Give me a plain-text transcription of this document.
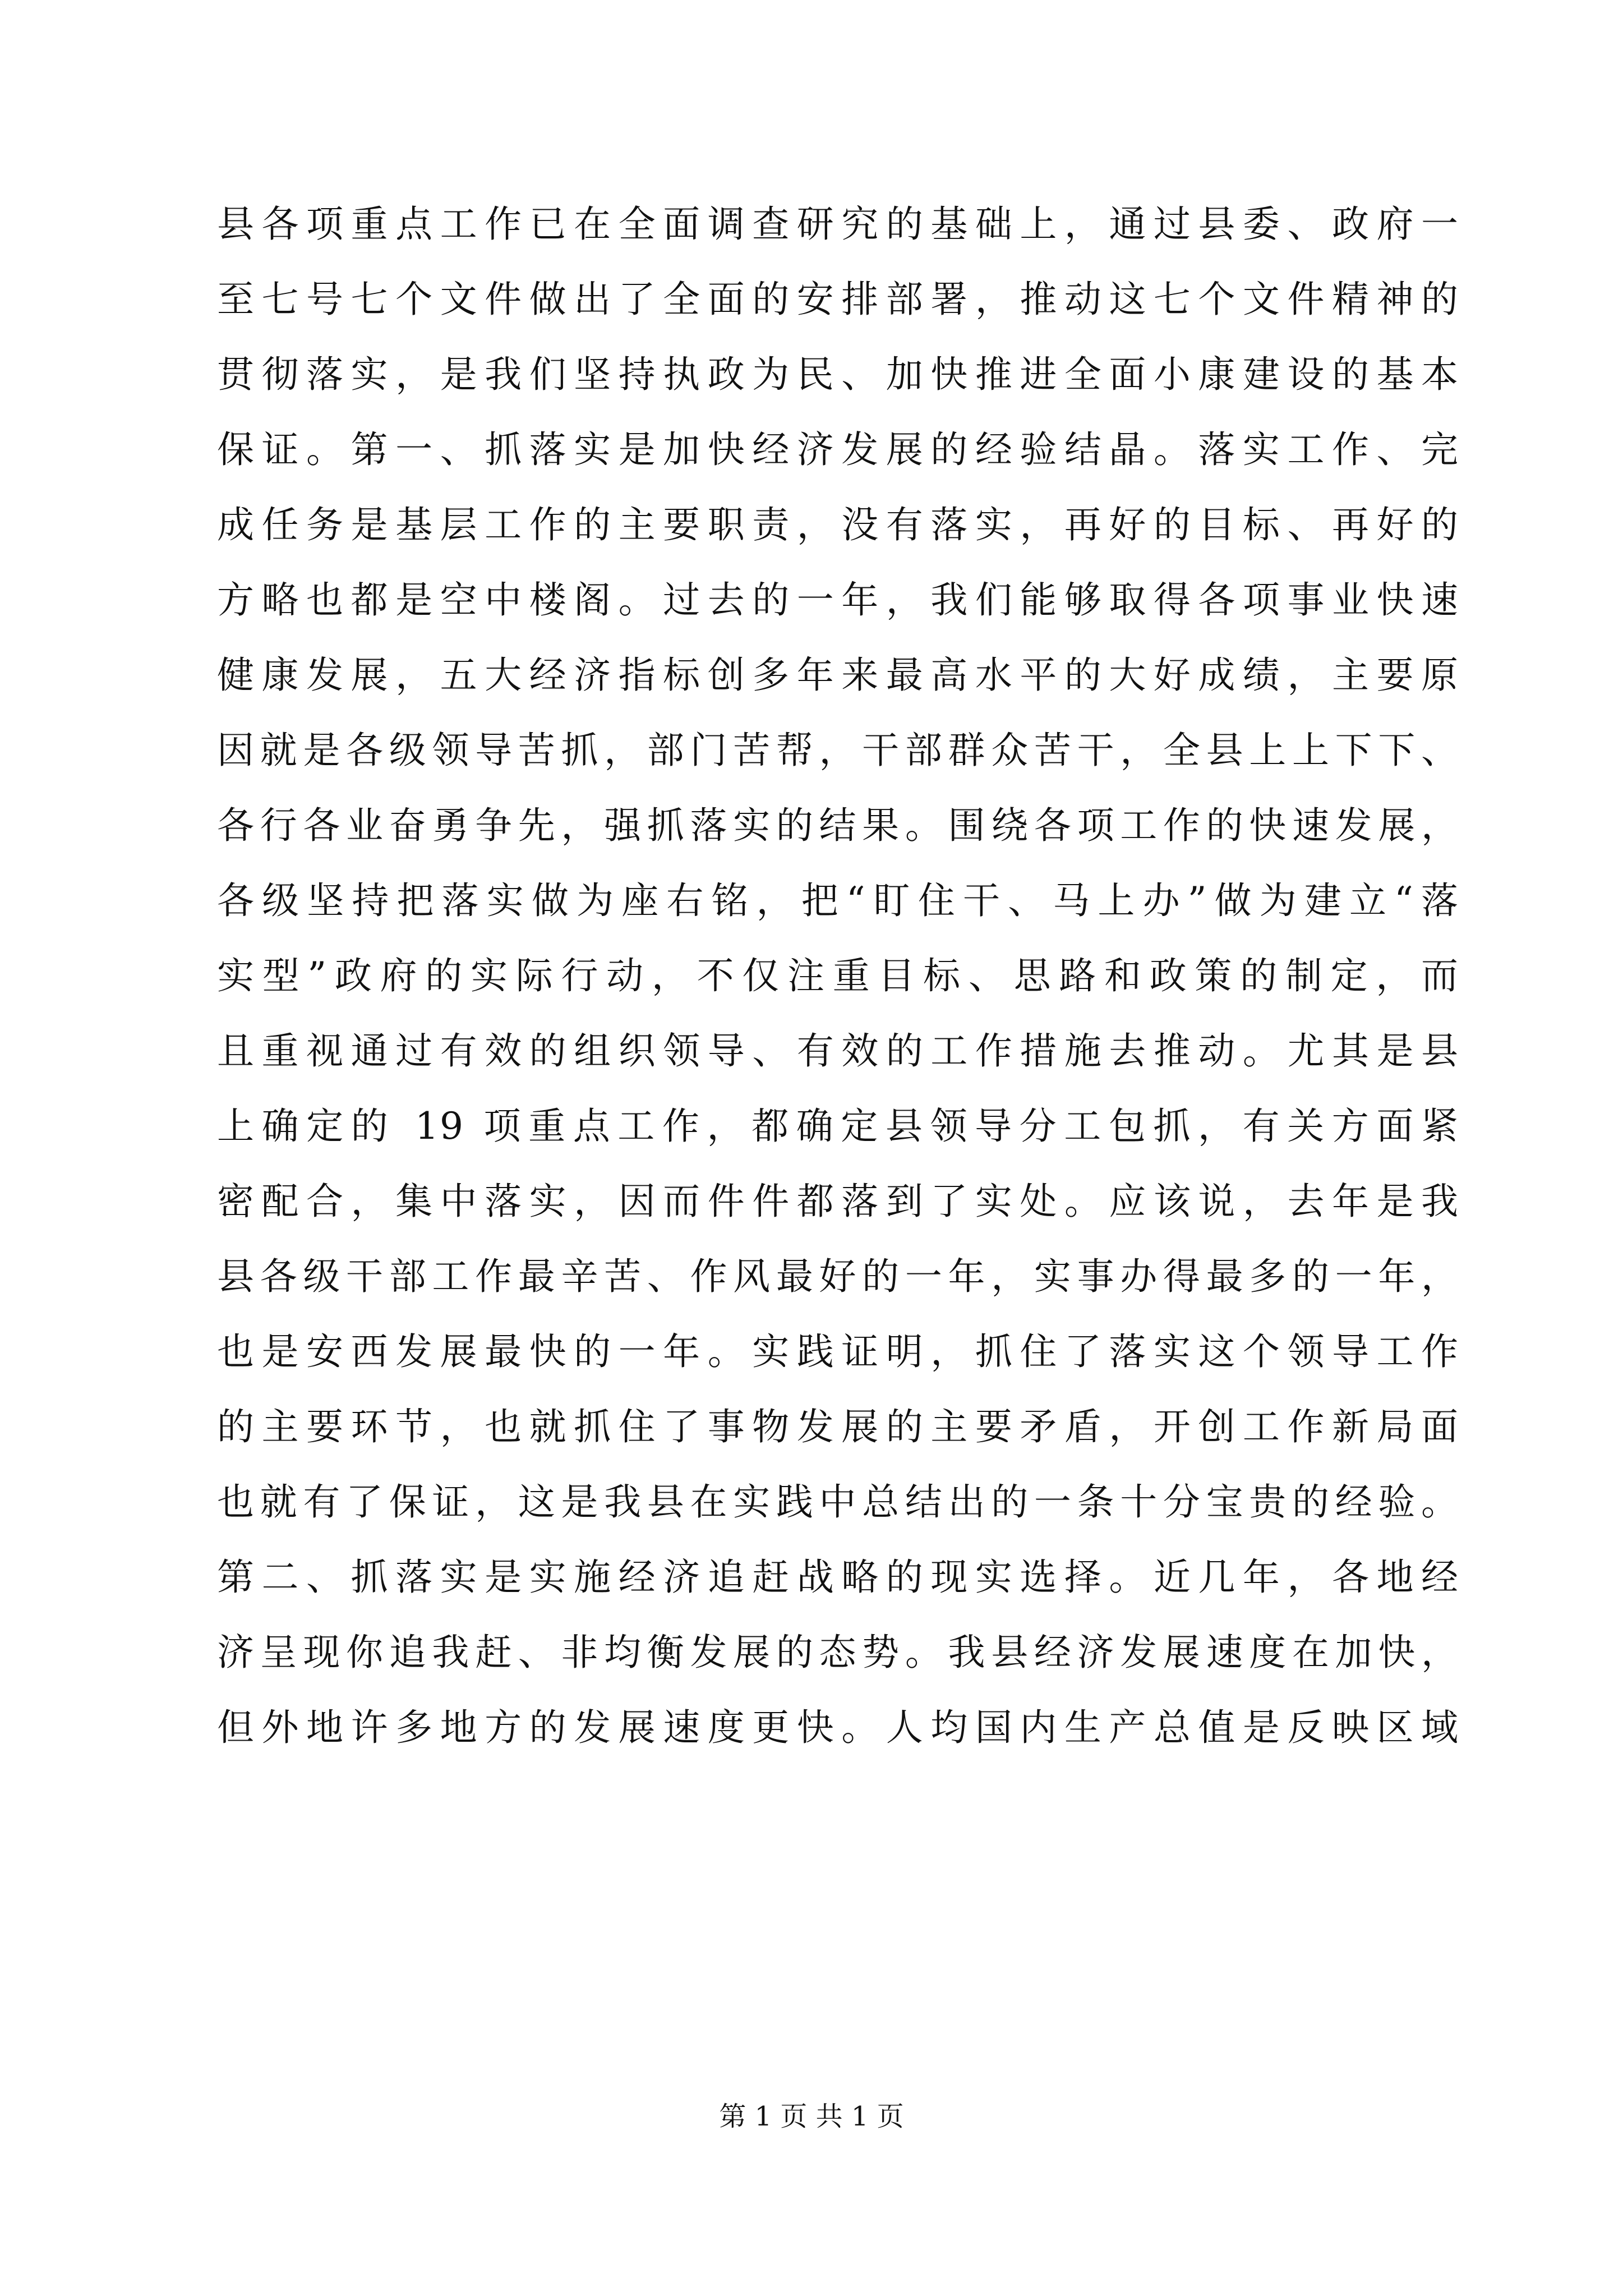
县各项重点工作已在全面调查研究的基础上，通过县委、政府一
至七号七个文件做出了全面的安排部署，推动这七个文件精神的
贯彻落实，是我们坚持执政为民、加快推进全面小康建设的基本
保证。第一、抓落实是加快经济发展的经验结晶。落实工作、完
成任务是基层工作的主要职责，没有落实，再好的目标、再好的
方略也都是空中楼阁。过去的一年，我们能够取得各项事业快速
健康发展，五大经济指标创多年来最高水平的大好成绩，主要原
因就是各级领导苦抓，部门苦帮，干部群众苦干，全县上上下下、
各行各业奋勇争先，强抓落实的结果。围绕各项工作的快速发展，
各级坚持把落实做为座右铭，把“盯住干、马上办”做为建立“落
实型”政府的实际行动，不仅注重目标、思路和政策的制定，而
且重视通过有效的组织领导、有效的工作措施去推动。尤其是县
上确定的 19 项重点工作，都确定县领导分工包抓，有关方面紧
密配合，集中落实，因而件件都落到了实处。应该说，去年是我
县各级干部工作最辛苦、作风最好的一年，实事办得最多的一年，
也是安西发展最快的一年。实践证明，抓住了落实这个领导工作
的主要环节，也就抓住了事物发展的主要矛盾，开创工作新局面
也就有了保证，这是我县在实践中总结出的一条十分宝贵的经验。
第二、抓落实是实施经济追赶战略的现实选择。近几年，各地经
济呈现你追我赶、非均衡发展的态势。我县经济发展速度在加快，
但外地许多地方的发展速度更快。人均国内生产总值是反映区域
第 1 页 共 1 页
